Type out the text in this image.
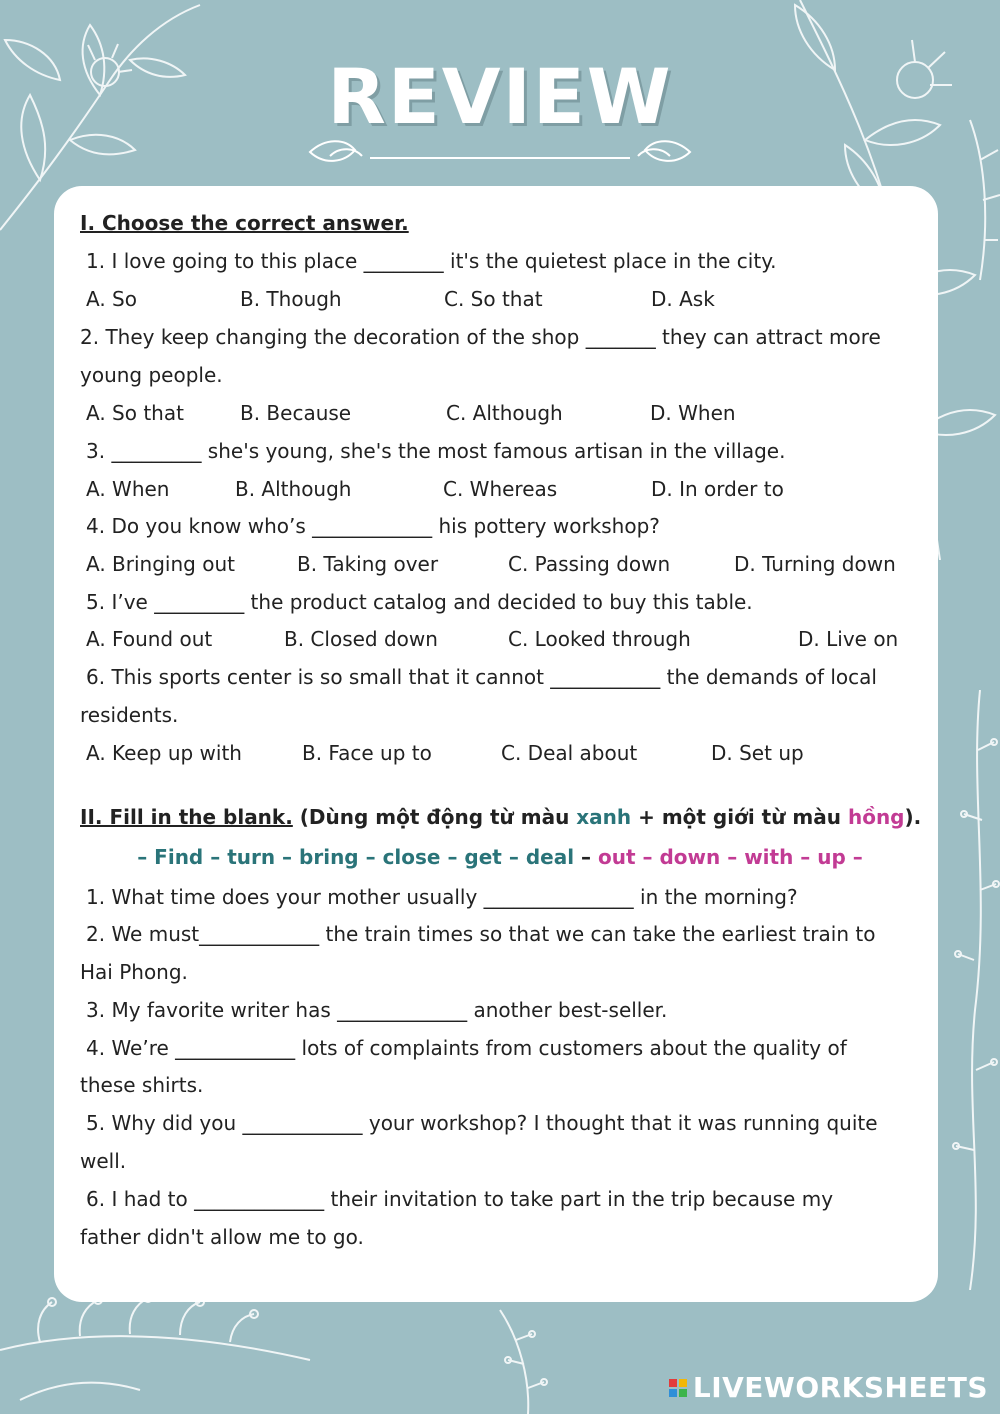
REVIEW
I. Choose the correct answer.
1. I love going to this place ________ it's the quietest place in the city.
A. So	B. Though	C. So that	D. Ask
2. They keep changing the decoration of the shop _______ they can attract more
young people.
A. So that	B. Because	C. Although	D. When
3. _________ she's young, she's the most famous artisan in the village.
A. When	B. Although	C. Whereas	D. In order to
4. Do you know who’s ____________ his pottery workshop?
A. Bringing out	B. Taking over	C. Passing down	D. Turning down
5. I’ve _________ the product catalog and decided to buy this table.
A. Found out	B. Closed down	C. Looked through	D. Live on
6. This sports center is so small that it cannot ___________ the demands of local
residents.
A. Keep up with	B. Face up to	C. Deal about	D. Set up
II. Fill in the blank. (Dùng một động từ màu xanh + một giới từ màu hồng).
– Find – turn – bring – close – get – deal – out – down – with – up –
1. What time does your mother usually _______________ in the morning?
2. We must____________ the train times so that we can take the earliest train to
Hai Phong.
3. My favorite writer has _____________ another best-seller.
4. We’re ____________ lots of complaints from customers about the quality of
these shirts.
5. Why did you ____________ your workshop? I thought that it was running quite
well.
6. I had to _____________ their invitation to take part in the trip because my
father didn't allow me to go.
LIVEWORKSHEETS
